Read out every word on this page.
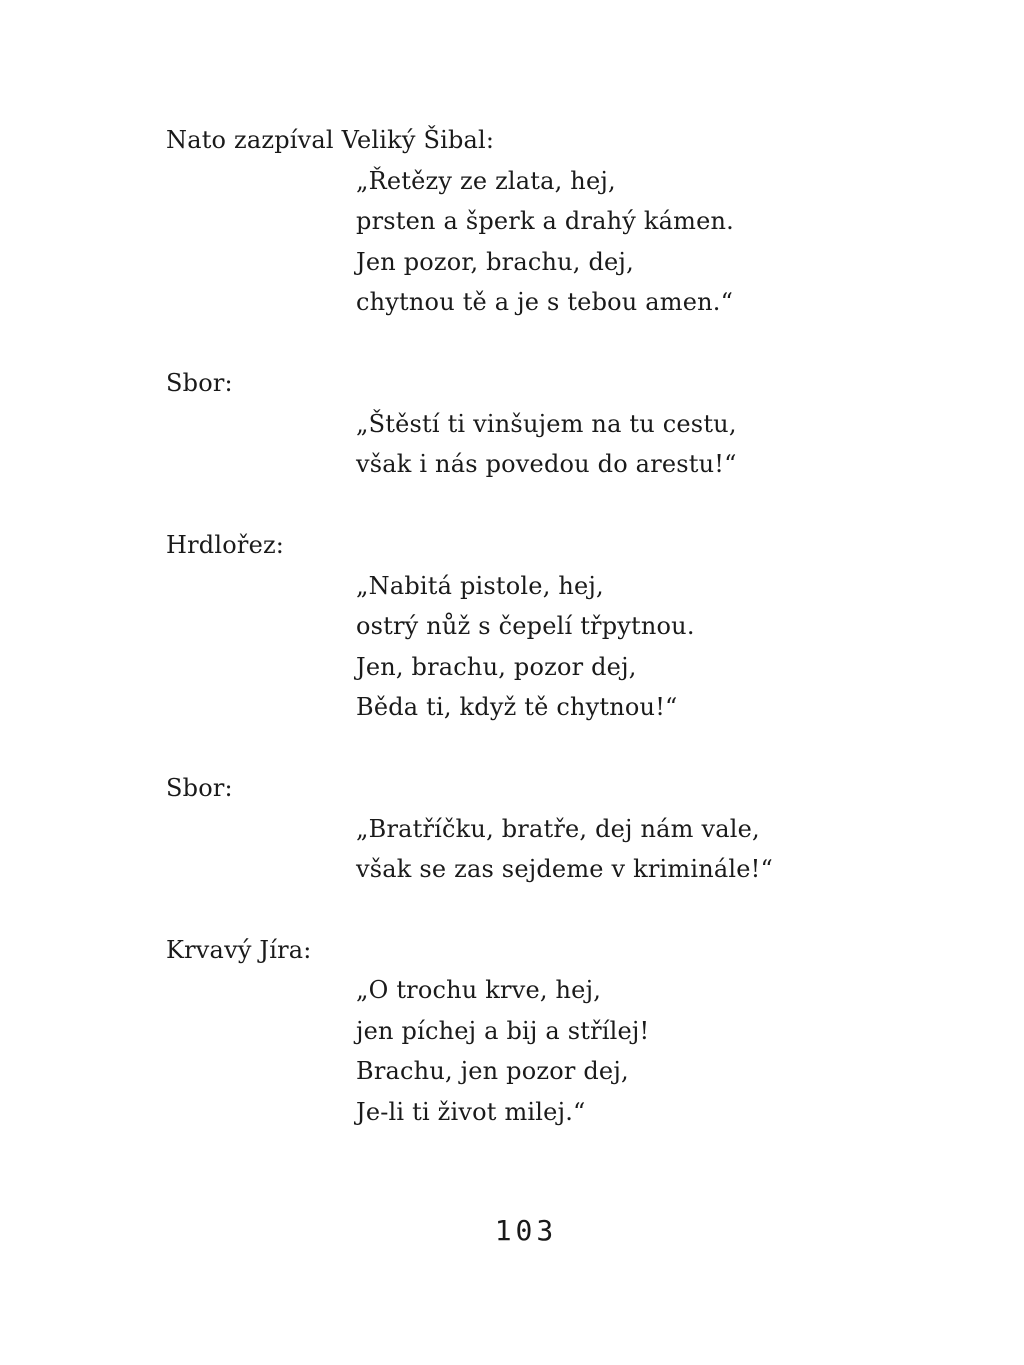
Nato zazpíval Veliký Šibal:
„Řetězy ze zlata, hej,
prsten a šperk a drahý kámen.
Jen pozor, brachu, dej,
chytnou tě a je s tebou amen.“
Sbor:
„Štěstí ti vinšujem na tu cestu,
však i nás povedou do arestu!“
Hrdlořez:
„Nabitá pistole, hej,
ostrý nůž s čepelí třpytnou.
Jen, brachu, pozor dej,
Běda ti, když tě chytnou!“
Sbor:
„Bratříčku, bratře, dej nám vale,
však se zas sejdeme v kriminále!“
Krvavý Jíra:
„O trochu krve, hej,
jen píchej a bij a střílej!
Brachu, jen pozor dej,
Je-li ti život milej.“
103
